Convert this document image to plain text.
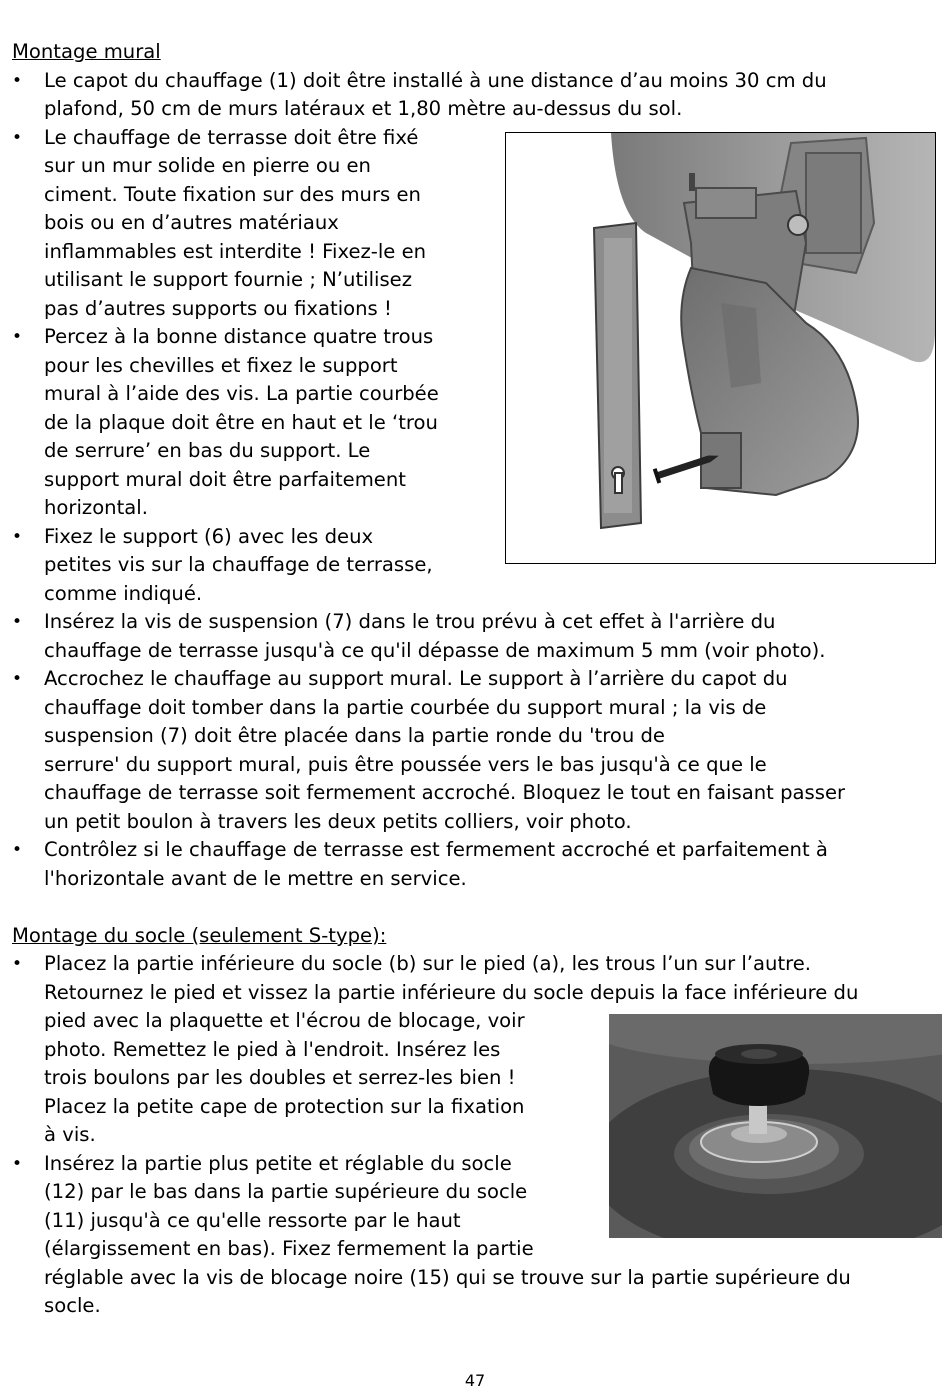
Montage mural
• Le capot du chauffage (1) doit être installé à une distance d’au moins 30 cm du
plafond, 50 cm de murs latéraux et 1,80 mètre au-dessus du sol.
• Le chauffage de terrasse doit être fixé
sur un mur solide en pierre ou en
ciment. Toute fixation sur des murs en
bois ou en d’autres matériaux
inflammables est interdite ! Fixez-le en
utilisant le support fournie ; N’utilisez
pas d’autres supports ou fixations !
• Percez à la bonne distance quatre trous
pour les chevilles et fixez le support
mural à l’aide des vis. La partie courbée
de la plaque doit être en haut et le ‘trou
de serrure’ en bas du support. Le
support mural doit être parfaitement
horizontal.
• Fixez le support (6) avec les deux
petites vis sur la chauffage de terrasse,
comme indiqué.
• Insérez la vis de suspension (7) dans le trou prévu à cet effet à l'arrière du
chauffage de terrasse jusqu'à ce qu'il dépasse de maximum 5 mm (voir photo).
• Accrochez le chauffage au support mural. Le support à l’arrière du capot du
chauffage doit tomber dans la partie courbée du support mural ; la vis de
suspension (7) doit être placée dans la partie ronde du 'trou de
serrure' du support mural, puis être poussée vers le bas jusqu'à ce que le
chauffage de terrasse soit fermement accroché. Bloquez le tout en faisant passer
un petit boulon à travers les deux petits colliers, voir photo.
• Contrôlez si le chauffage de terrasse est fermement accroché et parfaitement à
l'horizontale avant de le mettre en service.
Montage du socle (seulement S-type):
• Placez la partie inférieure du socle (b) sur le pied (a), les trous l’un sur l’autre.
Retournez le pied et vissez la partie inférieure du socle depuis la face inférieure du
pied avec la plaquette et l'écrou de blocage, voir
photo. Remettez le pied à l'endroit. Insérez les
trois boulons par les doubles et serrez-les bien !
Placez la petite cape de protection sur la fixation
à vis.
• Insérez la partie plus petite et réglable du socle
(12) par le bas dans la partie supérieure du socle
(11) jusqu'à ce qu'elle ressorte par le haut
(élargissement en bas). Fixez fermement la partie
réglable avec la vis de blocage noire (15) qui se trouve sur la partie supérieure du
socle.
47
